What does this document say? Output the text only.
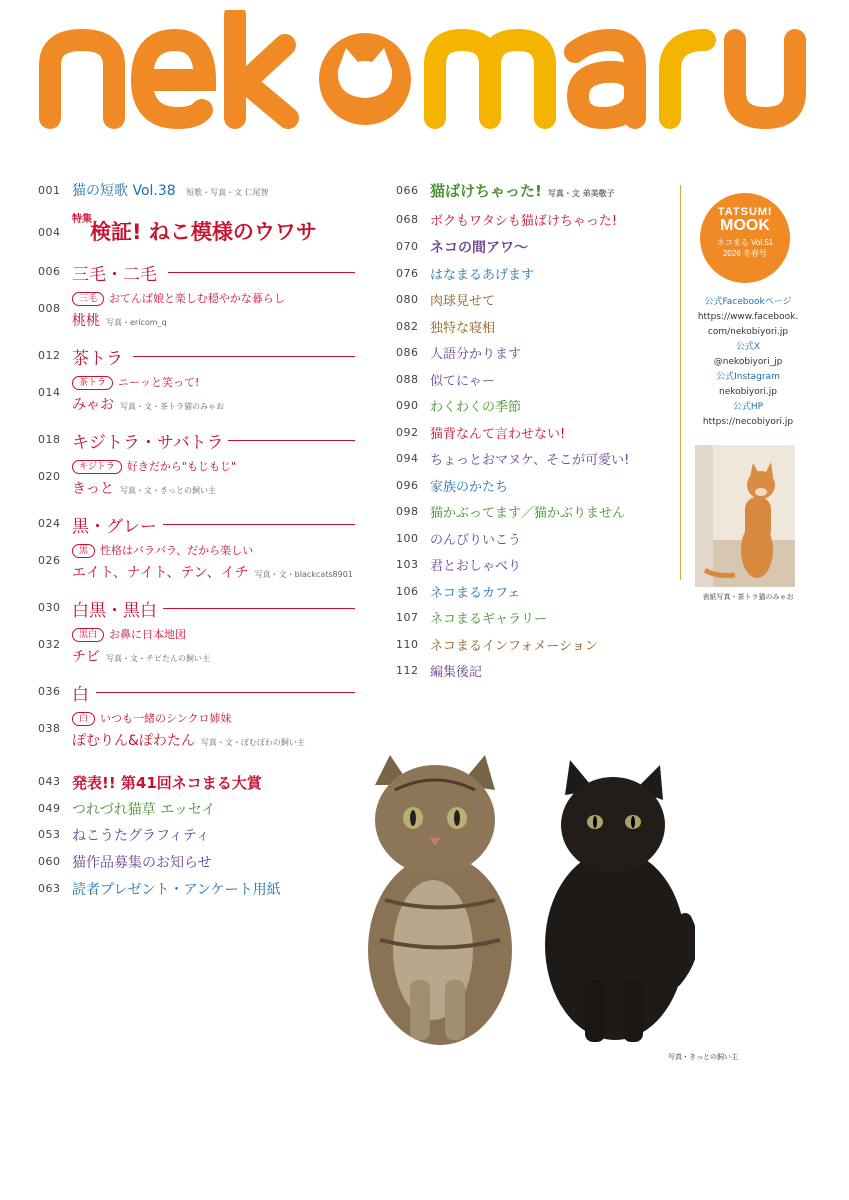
001 猫の短歌 Vol.38 短歌・写真・文 仁尾智
004
特集
検証! ねこ模様のウワサ
006 三毛・二毛
008
三毛 おてんば娘と楽しむ穏やかな暮らし
桃桃 写真・ericom_q
012 茶トラ
014
茶トラ ニーッと笑って!
みゃお 写真・文・茶トラ猫のみゃお
018 キジトラ・サバトラ
020
キジトラ 好きだから"もじもじ"
きっと 写真・文・きっとの飼い主
024 黒・グレー
026
黒 性格はバラバラ、だから楽しい
エイト、ナイト、テン、イチ 写真・文・blackcats8901
030 白黒・黒白
032
黒白 お鼻に日本地図
チビ 写真・文・チビたんの飼い主
036 白
038
白 いつも一緒のシンクロ姉妹
ぽむりん&ぽわたん 写真・文・ぽむぽわの飼い主
043 発表!! 第41回ネコまる大賞
049 つれづれ猫草 エッセイ
053 ねこうたグラフィティ
060 猫作品募集のお知らせ
063 読者プレゼント・アンケート用紙
066 猫ばけちゃった! 写真・文 弟美敬子
068 ボクもワタシも猫ばけちゃった!
070 ネコの間アワ〜
076 はなまるあげます
080 肉球見せて
082 独特な寝相
086 人語分かります
088 似てにゃー
090 わくわくの季節
092 猫背なんて言わせない!
094 ちょっとおマヌケ、そこが可愛い!
096 家族のかたち
098 猫かぶってます／猫かぶりません
100 のんびりいこう
103 君とおしゃべり
106 ネコまるカフェ
107 ネコまるギャラリー
110 ネコまるインフォメーション
112 編集後記
TATSUMI
MOOK
ネコまる Vol.51
2026 冬春号
公式Facebookページ
https://www.facebook.
com/nekobiyori.jp
公式X
@nekobiyori_jp
公式Instagram
nekobiyori.jp
公式HP
https://necobiyori.jp
表紙写真・茶トラ猫のみゃお
写真・きっとの飼い主
